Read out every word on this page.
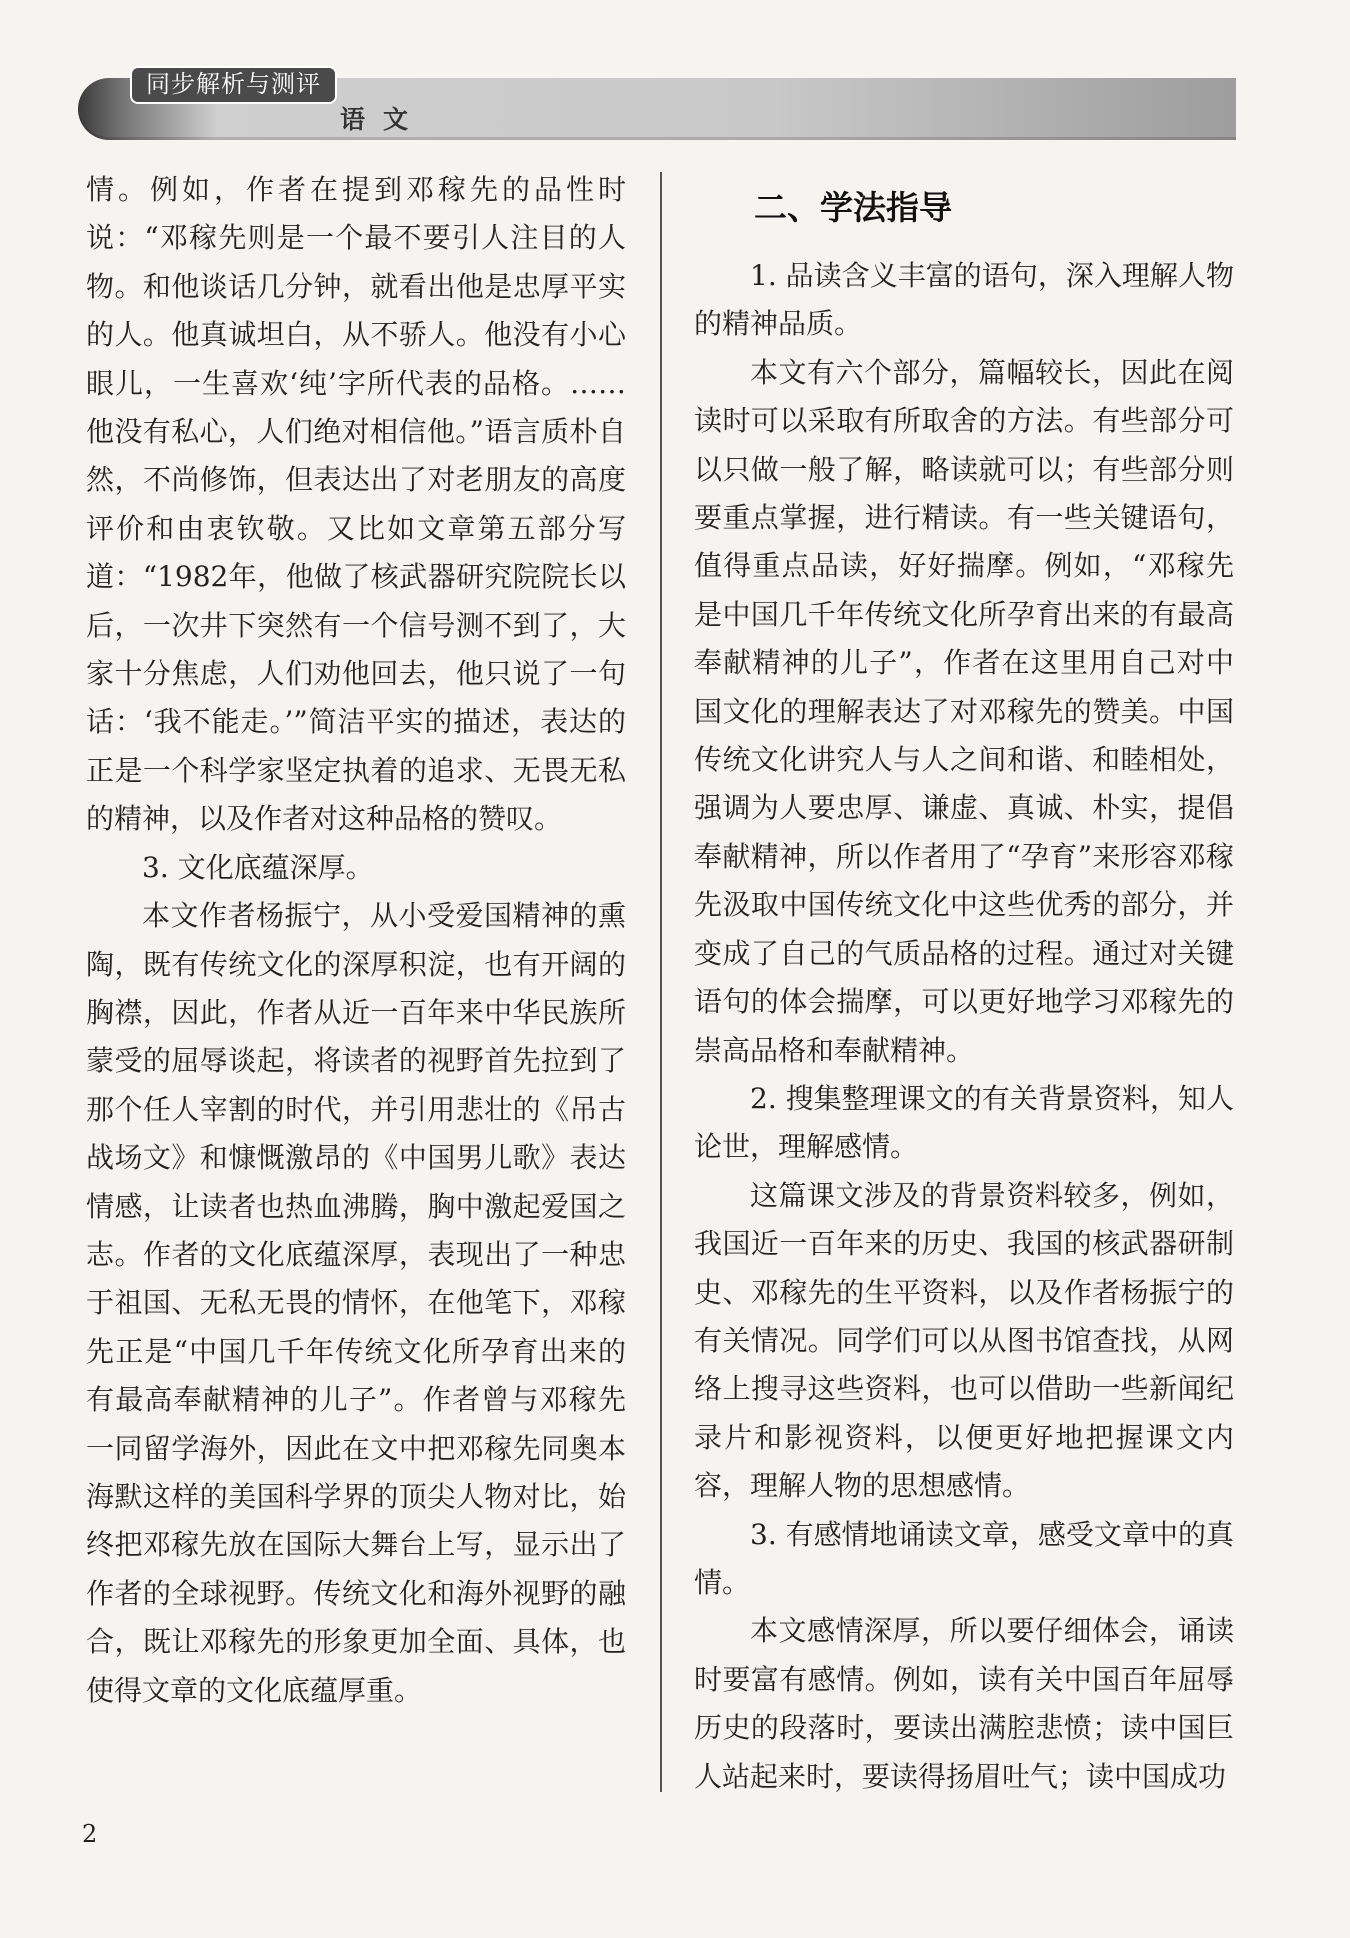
同步解析与测评
语文

情。例如，作者在提到邓稼先的品性时说：“邓稼先则是一个最不要引人注目的人物。和他谈话几分钟，就看出他是忠厚平实的人。他真诚坦白，从不骄人。他没有小心眼儿，一生喜欢‘纯’字所代表的品格。……他没有私心，人们绝对相信他。”语言质朴自然，不尚修饰，但表达出了对老朋友的高度评价和由衷钦敬。又比如文章第五部分写道：“1982年，他做了核武器研究院院长以后，一次井下突然有一个信号测不到了，大家十分焦虑，人们劝他回去，他只说了一句话：‘我不能走。’”简洁平实的描述，表达的正是一个科学家坚定执着的追求、无畏无私的精神，以及作者对这种品格的赞叹。

3. 文化底蕴深厚。

本文作者杨振宁，从小受爱国精神的熏陶，既有传统文化的深厚积淀，也有开阔的胸襟，因此，作者从近一百年来中华民族所蒙受的屈辱谈起，将读者的视野首先拉到了那个任人宰割的时代，并引用悲壮的《吊古战场文》和慷慨激昂的《中国男儿歌》表达情感，让读者也热血沸腾，胸中激起爱国之志。作者的文化底蕴深厚，表现出了一种忠于祖国、无私无畏的情怀，在他笔下，邓稼先正是“中国几千年传统文化所孕育出来的有最高奉献精神的儿子”。作者曾与邓稼先一同留学海外，因此在文中把邓稼先同奥本海默这样的美国科学界的顶尖人物对比，始终把邓稼先放在国际大舞台上写，显示出了作者的全球视野。传统文化和海外视野的融合，既让邓稼先的形象更加全面、具体，也使得文章的文化底蕴厚重。

二、学法指导

1. 品读含义丰富的语句，深入理解人物的精神品质。

本文有六个部分，篇幅较长，因此在阅读时可以采取有所取舍的方法。有些部分可以只做一般了解，略读就可以；有些部分则要重点掌握，进行精读。有一些关键语句，值得重点品读，好好揣摩。例如，“邓稼先是中国几千年传统文化所孕育出来的有最高奉献精神的儿子”，作者在这里用自己对中国文化的理解表达了对邓稼先的赞美。中国传统文化讲究人与人之间和谐、和睦相处，强调为人要忠厚、谦虚、真诚、朴实，提倡奉献精神，所以作者用了“孕育”来形容邓稼先汲取中国传统文化中这些优秀的部分，并变成了自己的气质品格的过程。通过对关键语句的体会揣摩，可以更好地学习邓稼先的崇高品格和奉献精神。

2. 搜集整理课文的有关背景资料，知人论世，理解感情。

这篇课文涉及的背景资料较多，例如，我国近一百年来的历史、我国的核武器研制史、邓稼先的生平资料，以及作者杨振宁的有关情况。同学们可以从图书馆查找，从网络上搜寻这些资料，也可以借助一些新闻纪录片和影视资料，以便更好地把握课文内容，理解人物的思想感情。

3. 有感情地诵读文章，感受文章中的真情。

本文感情深厚，所以要仔细体会，诵读时要富有感情。例如，读有关中国百年屈辱历史的段落时，要读出满腔悲愤；读中国巨人站起来时，要读得扬眉吐气；读中国成功

2
